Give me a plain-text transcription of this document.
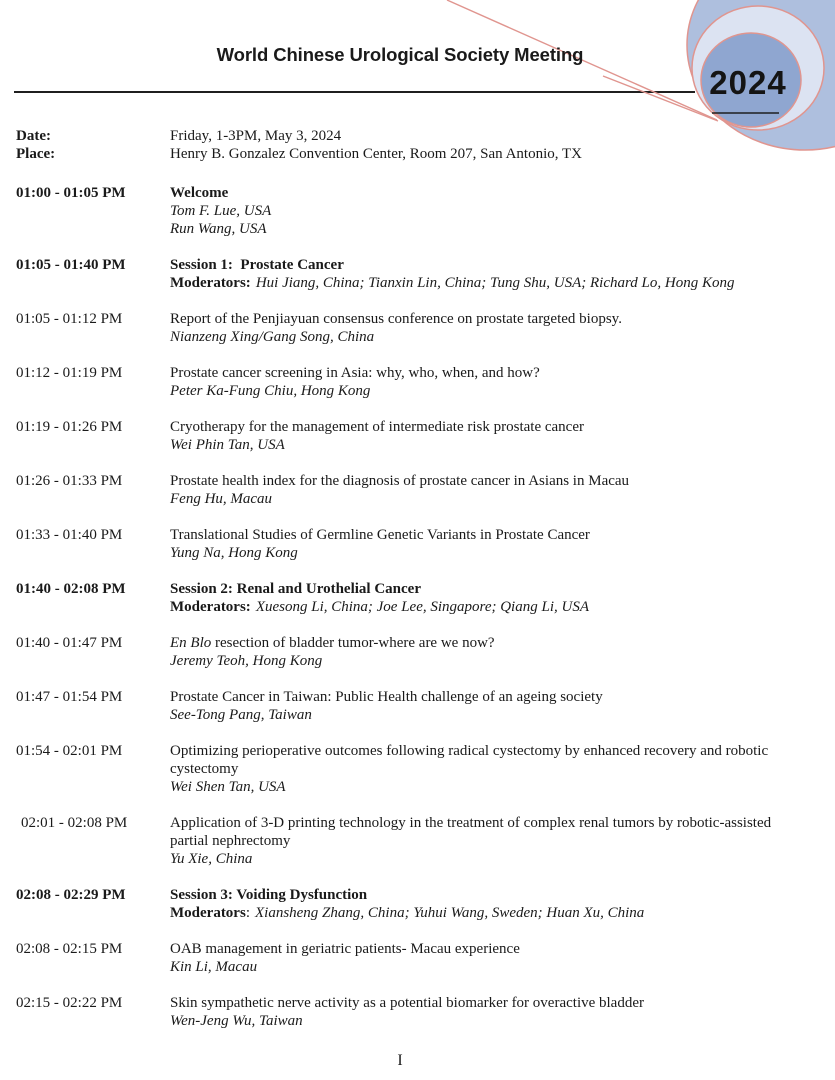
2024
World Chinese Urological Society Meeting
Date:	Friday, 1-3PM, May 3, 2024
Place:	Henry B. Gonzalez Convention Center, Room 207, San Antonio, TX
01:00 - 01:05 PM	Welcome
Tom F. Lue, USA
Run Wang, USA
01:05 - 01:40 PM	Session 1:  Prostate Cancer
Moderators: Hui Jiang, China; Tianxin Lin, China; Tung Shu, USA; Richard Lo, Hong Kong
01:05 - 01:12 PM	Report of the Penjiayuan consensus conference on prostate targeted biopsy.
Nianzeng Xing/Gang Song, China
01:12 - 01:19 PM	Prostate cancer screening in Asia: why, who, when, and how?
Peter Ka-Fung Chiu, Hong Kong
01:19 - 01:26 PM	Cryotherapy for the management of intermediate risk prostate cancer
Wei Phin Tan, USA
01:26 - 01:33 PM	Prostate health index for the diagnosis of prostate cancer in Asians in Macau
Feng Hu, Macau
01:33 - 01:40 PM	Translational Studies of Germline Genetic Variants in Prostate Cancer
Yung Na, Hong Kong
01:40 - 02:08 PM	Session 2: Renal and Urothelial Cancer
Moderators: Xuesong Li, China; Joe Lee, Singapore; Qiang Li, USA
01:40 - 01:47 PM	En Blo resection of bladder tumor-where are we now?
Jeremy Teoh, Hong Kong
01:47 - 01:54 PM	Prostate Cancer in Taiwan: Public Health challenge of an ageing society
See-Tong Pang, Taiwan
01:54 - 02:01 PM	Optimizing perioperative outcomes following radical cystectomy by enhanced recovery and robotic cystectomy
Wei Shen Tan, USA
02:01 - 02:08 PM	Application of 3-D printing technology in the treatment of complex renal tumors by robotic-assisted partial nephrectomy
Yu Xie, China
02:08 - 02:29 PM	Session 3: Voiding Dysfunction
Moderators: Xiansheng Zhang, China; Yuhui Wang, Sweden; Huan Xu, China
02:08 - 02:15 PM	OAB management in geriatric patients- Macau experience
Kin Li, Macau
02:15 - 02:22 PM	Skin sympathetic nerve activity as a potential biomarker for overactive bladder
Wen-Jeng Wu, Taiwan
I
